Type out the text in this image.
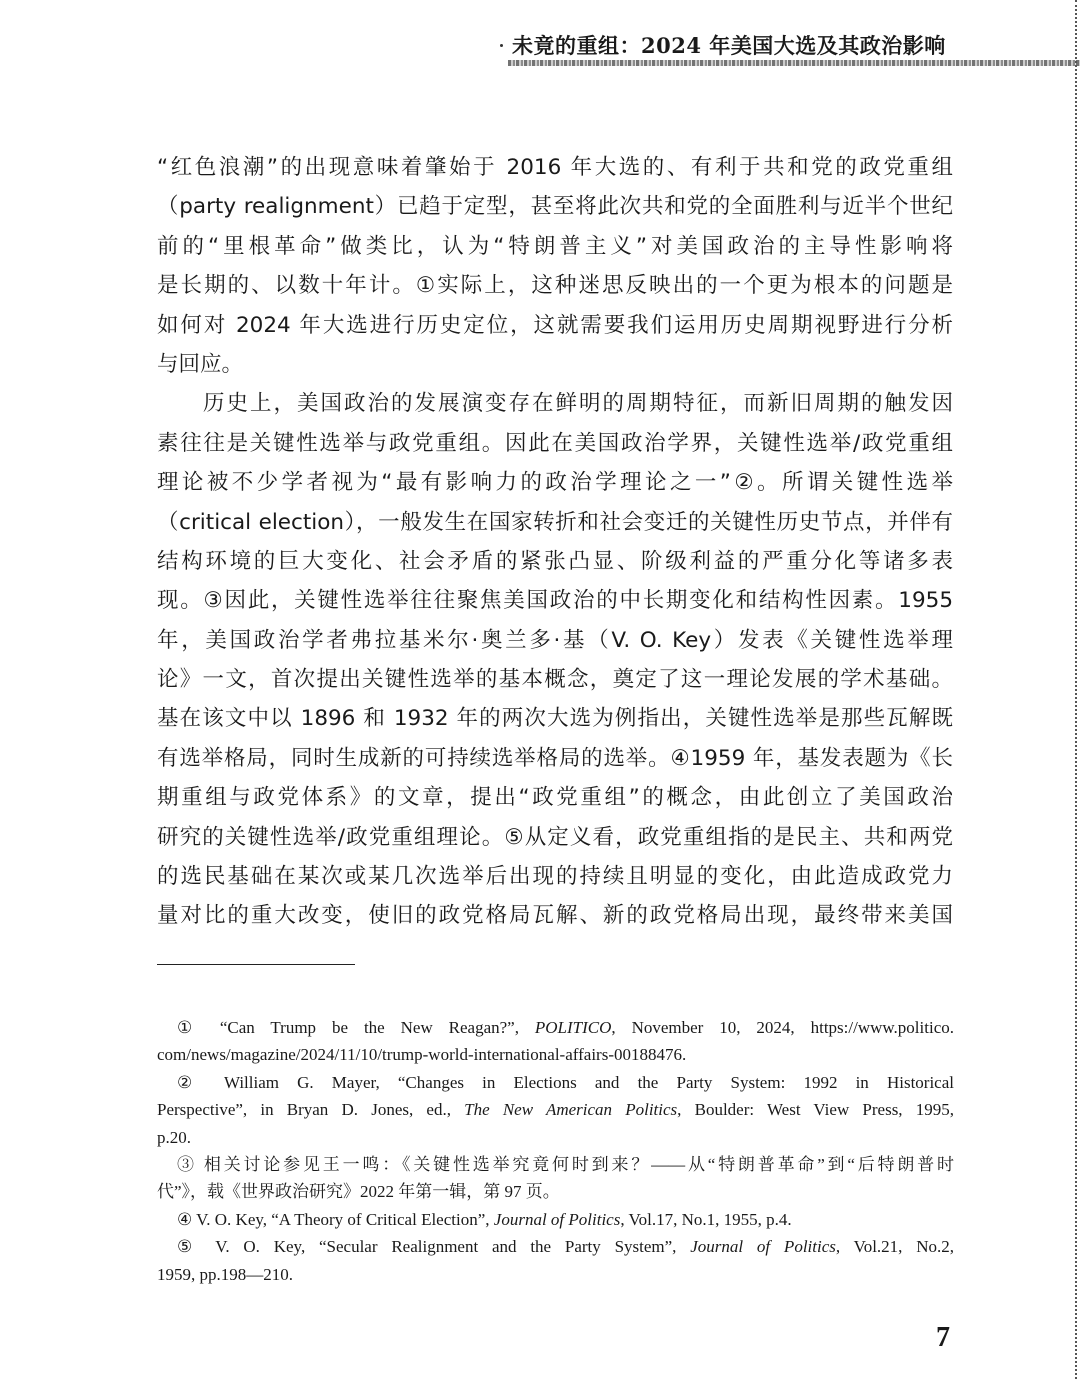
未竟的重组：2024 年美国大选及其政治影响
“红色浪潮”的出现意味着肇始于 2016 年大选的、有利于共和党的政党重组
（party realignment）已趋于定型，甚至将此次共和党的全面胜利与近半个世纪
前的“里根革命”做类比，认为“特朗普主义”对美国政治的主导性影响将
是长期的、以数十年计。①实际上，这种迷思反映出的一个更为根本的问题是
如何对 2024 年大选进行历史定位，这就需要我们运用历史周期视野进行分析
与回应。
历史上，美国政治的发展演变存在鲜明的周期特征，而新旧周期的触发因
素往往是关键性选举与政党重组。因此在美国政治学界，关键性选举/政党重组
理论被不少学者视为“最有影响力的政治学理论之一”②。所谓关键性选举
（critical election），一般发生在国家转折和社会变迁的关键性历史节点，并伴有
结构环境的巨大变化、社会矛盾的紧张凸显、阶级利益的严重分化等诸多表
现。③因此，关键性选举往往聚焦美国政治的中长期变化和结构性因素。1955
年，美国政治学者弗拉基米尔·奥兰多·基（V. O. Key）发表《关键性选举理
论》一文，首次提出关键性选举的基本概念，奠定了这一理论发展的学术基础。
基在该文中以 1896 和 1932 年的两次大选为例指出，关键性选举是那些瓦解既
有选举格局，同时生成新的可持续选举格局的选举。④1959 年，基发表题为《长
期重组与政党体系》的文章，提出“政党重组”的概念，由此创立了美国政治
研究的关键性选举/政党重组理论。⑤从定义看，政党重组指的是民主、共和两党
的选民基础在某次或某几次选举后出现的持续且明显的变化，由此造成政党力
量对比的重大改变，使旧的政党格局瓦解、新的政党格局出现，最终带来美国
① “Can Trump be the New Reagan?”, POLITICO, November 10, 2024, https://www.politico.
com/news/magazine/2024/11/10/trump-world-international-affairs-00188476.
② William G. Mayer, “Changes in Elections and the Party System: 1992 in Historical
Perspective”, in Bryan D. Jones, ed., The New American Politics, Boulder: West View Press, 1995,
p.20.
③ 相关讨论参见王一鸣：《关键性选举究竟何时到来？——从“特朗普革命”到“后特朗普时
代”》，载《世界政治研究》2022 年第一辑，第 97 页。
④ V. O. Key, “A Theory of Critical Election”, Journal of Politics, Vol.17, No.1, 1955, p.4.
⑤ V. O. Key, “Secular Realignment and the Party System”, Journal of Politics, Vol.21, No.2,
1959, pp.198—210.
7
